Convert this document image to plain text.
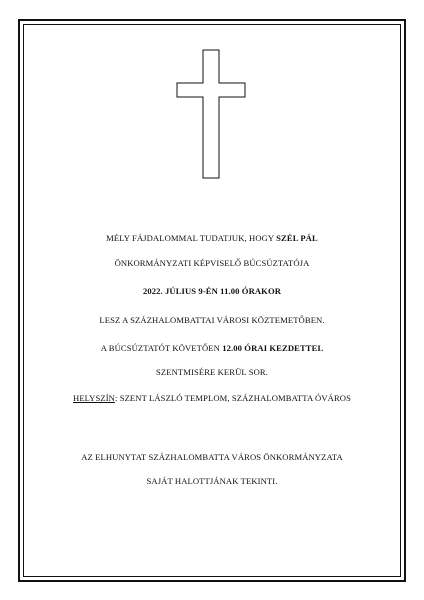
MÉLY FÁJDALOMMAL TUDATJUK, HOGY SZÉL PÁL
ÖNKORMÁNYZATI KÉPVISELŐ BÚCSÚZTATÓJA
2022. JÚLIUS 9-ÉN 11.00 ÓRAKOR
LESZ A SZÁZHALOMBATTAI VÁROSI KÖZTEMETŐBEN.
A BÚCSÚZTATÓT KÖVETŐEN 12.00 ÓRAI KEZDETTEL
SZENTMISÉRE KERÜL SOR.
HELYSZÍN: SZENT LÁSZLÓ TEMPLOM, SZÁZHALOMBATTA ÓVÁROS
AZ ELHUNYTAT SZÁZHALOMBATTA VÁROS ÖNKORMÁNYZATA
SAJÁT HALOTTJÁNAK TEKINTI.
